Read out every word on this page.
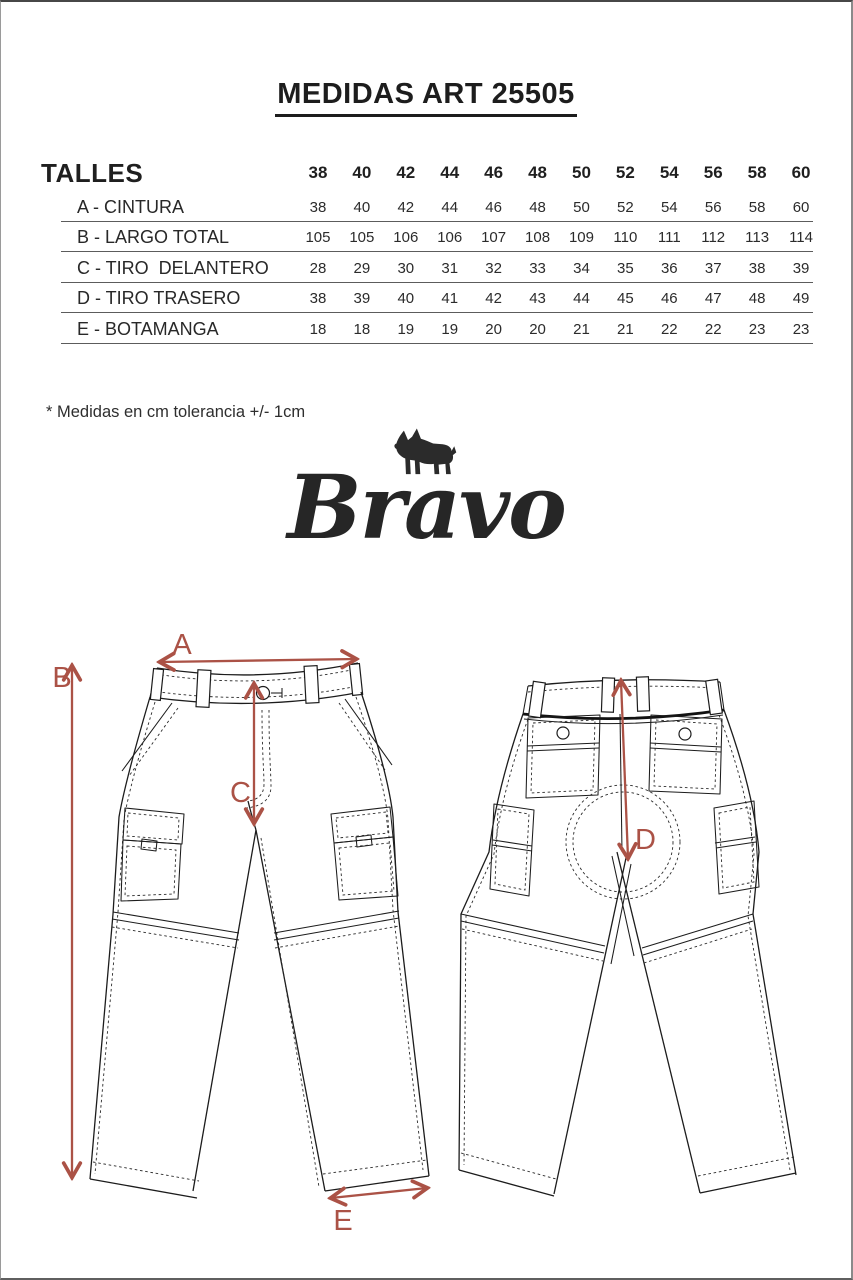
MEDIDAS ART 25505
TALLES	38	40	42	44	46	48	50	52	54	56	58	60
A - CINTURA	38	40	42	44	46	48	50	52	54	56	58	60
B - LARGO TOTAL	105	105	106	106	107	108	109	110	111	112	113	114
C - TIRO  DELANTERO	28	29	30	31	32	33	34	35	36	37	38	39
D - TIRO TRASERO	38	39	40	41	42	43	44	45	46	47	48	49
E - BOTAMANGA	18	18	19	19	20	20	21	21	22	22	23	23
* Medidas en cm tolerancia +/- 1cm
Bravo
A
B
C
D
E
